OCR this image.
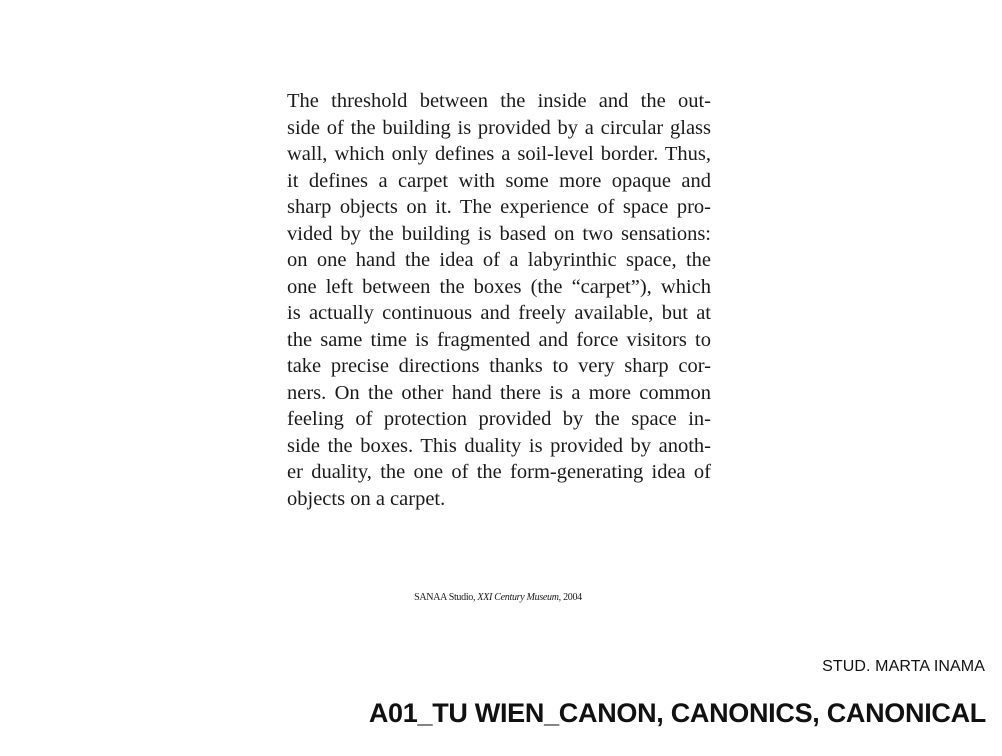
The threshold between the inside and the out-
side of the building is provided by a circular glass
wall, which only defines a soil-level border. Thus,
it defines a carpet with some more opaque and
sharp objects on it. The experience of space pro-
vided by the building is based on two sensations:
on one hand the idea of a labyrinthic space, the
one left between the boxes (the “carpet”), which
is actually continuous and freely available, but at
the same time is fragmented and force visitors to
take precise directions thanks to very sharp cor-
ners. On the other hand there is a more common
feeling of protection provided by the space in-
side the boxes. This duality is provided by anoth-
er duality, the one of the form-generating idea of
objects on a carpet.
SANAA Studio, XXI Century Museum, 2004
STUD. MARTA INAMA
A01_TU WIEN_CANON, CANONICS, CANONICAL
